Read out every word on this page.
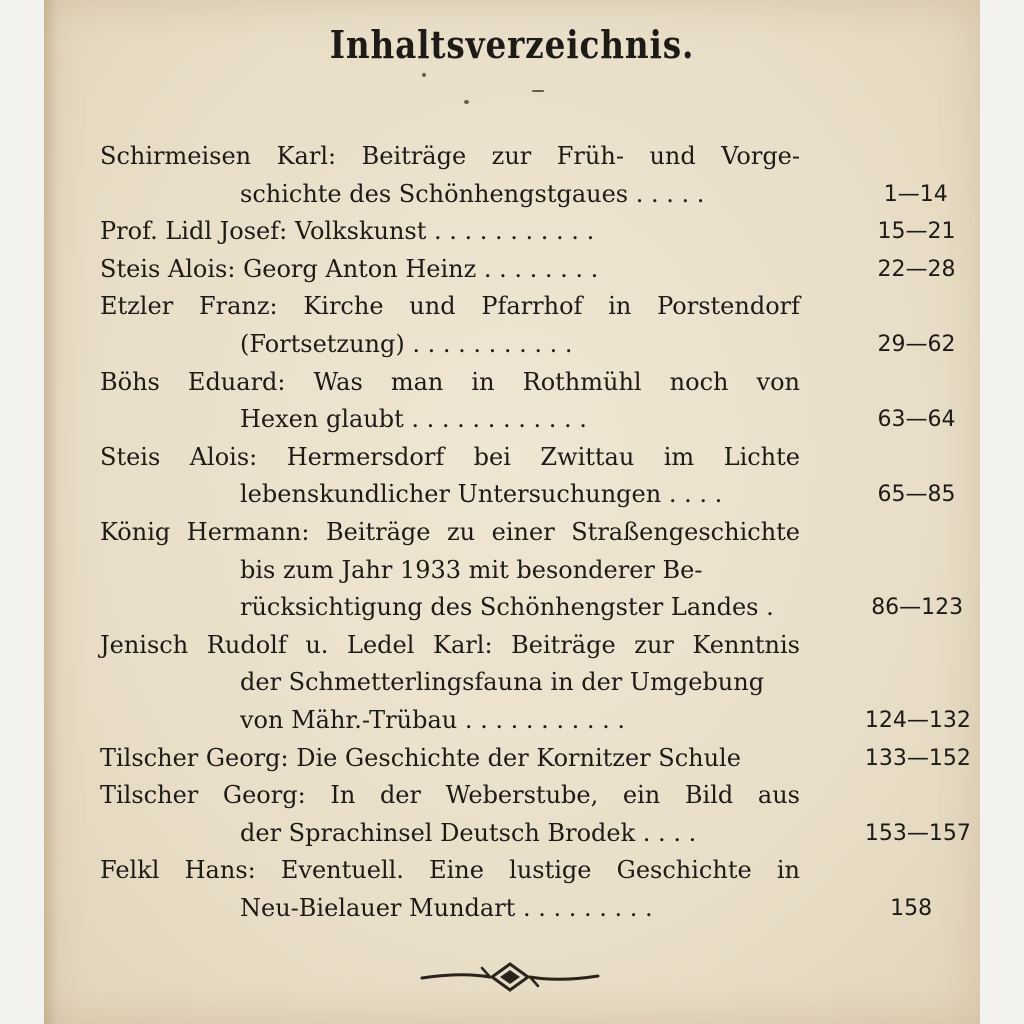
Inhaltsverzeichnis.
Schirmeisen Karl: Beiträge zur Früh- und Vorge-
schichte des Schönhengstgaues . . . . .	1—14
Prof. Lidl Josef: Volkskunst . . . . . . . . . . .	15—21
Steis Alois: Georg Anton Heinz . . . . . . . .	22—28
Etzler Franz: Kirche und Pfarrhof in Porstendorf
(Fortsetzung) . . . . . . . . . . .	29—62
Böhs Eduard: Was man in Rothmühl noch von
Hexen glaubt . . . . . . . . . . . .	63—64
Steis Alois: Hermersdorf bei Zwittau im Lichte
lebenskundlicher Untersuchungen . . . .	65—85
König Hermann: Beiträge zu einer Straßengeschichte
bis zum Jahr 1933 mit besonderer Be-
rücksichtigung des Schönhengster Landes .	86—123
Jenisch Rudolf u. Ledel Karl: Beiträge zur Kenntnis
der Schmetterlingsfauna in der Umgebung
von Mähr.-Trübau . . . . . . . . . . .	124—132
Tilscher Georg: Die Geschichte der Kornitzer Schule	133—152
Tilscher Georg: In der Weberstube, ein Bild aus
der Sprachinsel Deutsch Brodek . . . .	153—157
Felkl Hans: Eventuell. Eine lustige Geschichte in
Neu-Bielauer Mundart . . . . . . . . .	158
